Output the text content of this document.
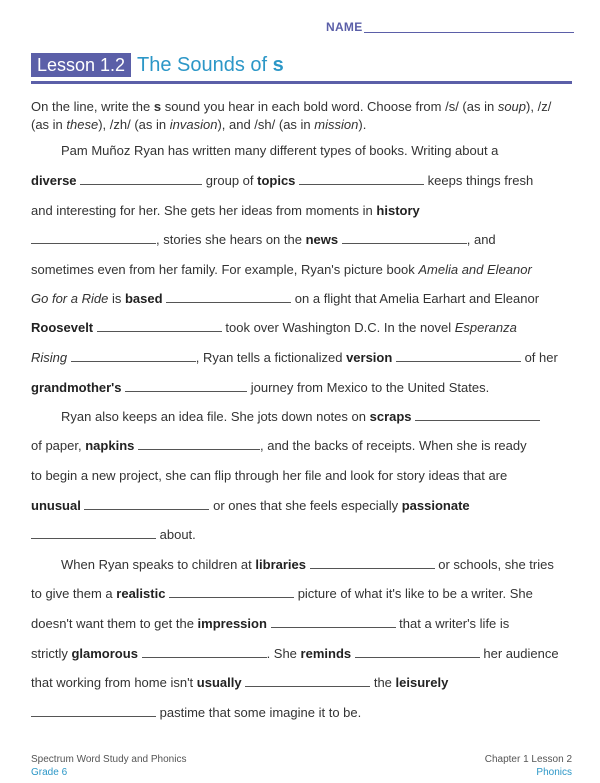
NAME
Lesson 1.2 The Sounds of s
On the line, write the s sound you hear in each bold word. Choose from /s/ (as in soup), /z/ (as in these), /zh/ (as in invasion), and /sh/ (as in mission).
Pam Muñoz Ryan has written many different types of books. Writing about a
diverse	group of topics	keeps things fresh
and interesting for her. She gets her ideas from moments in history
, stories she hears on the news	, and
sometimes even from her family. For example, Ryan's picture book Amelia and Eleanor
Go for a Ride is based	on a flight that Amelia Earhart and Eleanor
Roosevelt	took over Washington D.C. In the novel Esperanza
Rising	, Ryan tells a fictionalized version	of her
grandmother's	journey from Mexico to the United States.
Ryan also keeps an idea file. She jots down notes on scraps
of paper, napkins	, and the backs of receipts. When she is ready
to begin a new project, she can flip through her file and look for story ideas that are
unusual	or ones that she feels especially passionate
about.
When Ryan speaks to children at libraries	or schools, she tries
to give them a realistic	picture of what it's like to be a writer. She
doesn't want them to get the impression	that a writer's life is
strictly glamorous	. She reminds	her audience
that working from home isn't usually	the leisurely
pastime that some imagine it to be.
Spectrum Word Study and Phonics
Grade 6
Chapter 1 Lesson 2
Phonics
